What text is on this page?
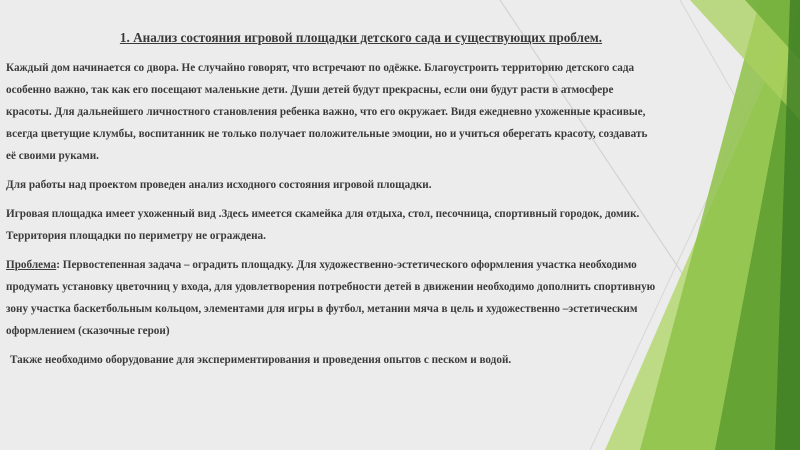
1. Анализ состояния игровой площадки детского сада и существующих проблем.
Каждый дом начинается со двора. Не случайно говорят, что встречают по одёжке. Благоустроить территорию детского сада
особенно важно, так как его посещают маленькие дети. Души детей будут прекрасны, если они будут расти в атмосфере
красоты. Для дальнейшего личностного становления ребенка важно, что его окружает. Видя ежедневно ухоженные красивые,
всегда цветущие клумбы, воспитанник не только получает положительные эмоции, но и учиться оберегать красоту, создавать
её своими руками.
Для работы над проектом проведен анализ исходного состояния игровой площадки.
Игровая площадка имеет ухоженный вид .Здесь имеется скамейка для отдыха, стол, песочница, спортивный городок, домик.
Территория площадки по периметру не ограждена.
Проблема: Первостепенная задача – оградить площадку. Для художественно-эстетического оформления участка необходимо
продумать установку цветочниц у входа, для удовлетворения потребности детей в движении необходимо дополнить спортивную
зону участка баскетбольным кольцом, элементами для игры в футбол, метании мяча в цель и художественно –эстетическим
оформлением (сказочные герои)
Также необходимо оборудование для экспериментирования и проведения опытов с песком и водой.
